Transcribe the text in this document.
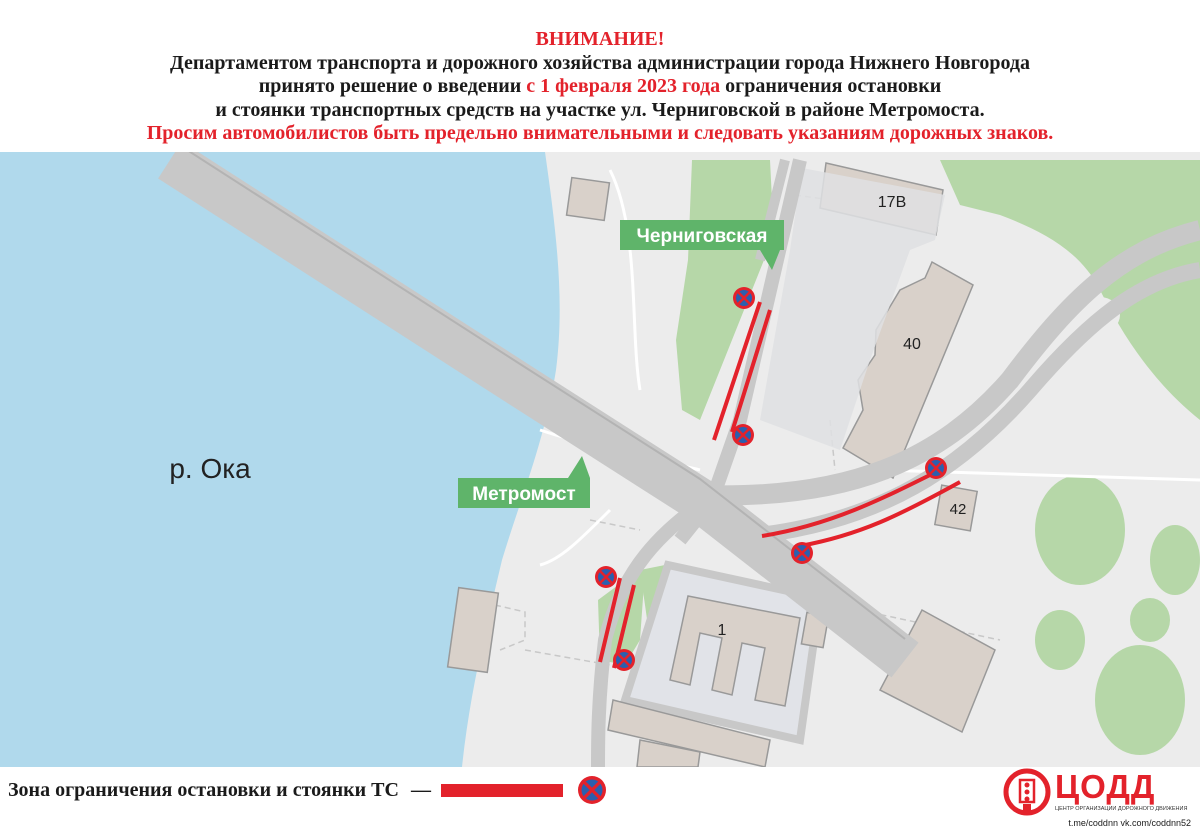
ВНИМАНИЕ!
Департаментом транспорта и дорожного хозяйства администрации города Нижнего Новгорода
принято решение о введении с 1 февраля 2023 года ограничения остановки
и стоянки транспортных средств на участке ул. Черниговской в районе Метромоста.
Просим автомобилистов быть предельно внимательными и следовать указаниям дорожных знаков.
р. Ока
Черниговская
Метромост
17В
40
42
1
Зона ограничения остановки и стоянки ТС —	ЦОДД
ЦЕНТР ОРГАНИЗАЦИИ ДОРОЖНОГО ДВИЖЕНИЯ
t.me/coddnn vk.com/coddnn52
